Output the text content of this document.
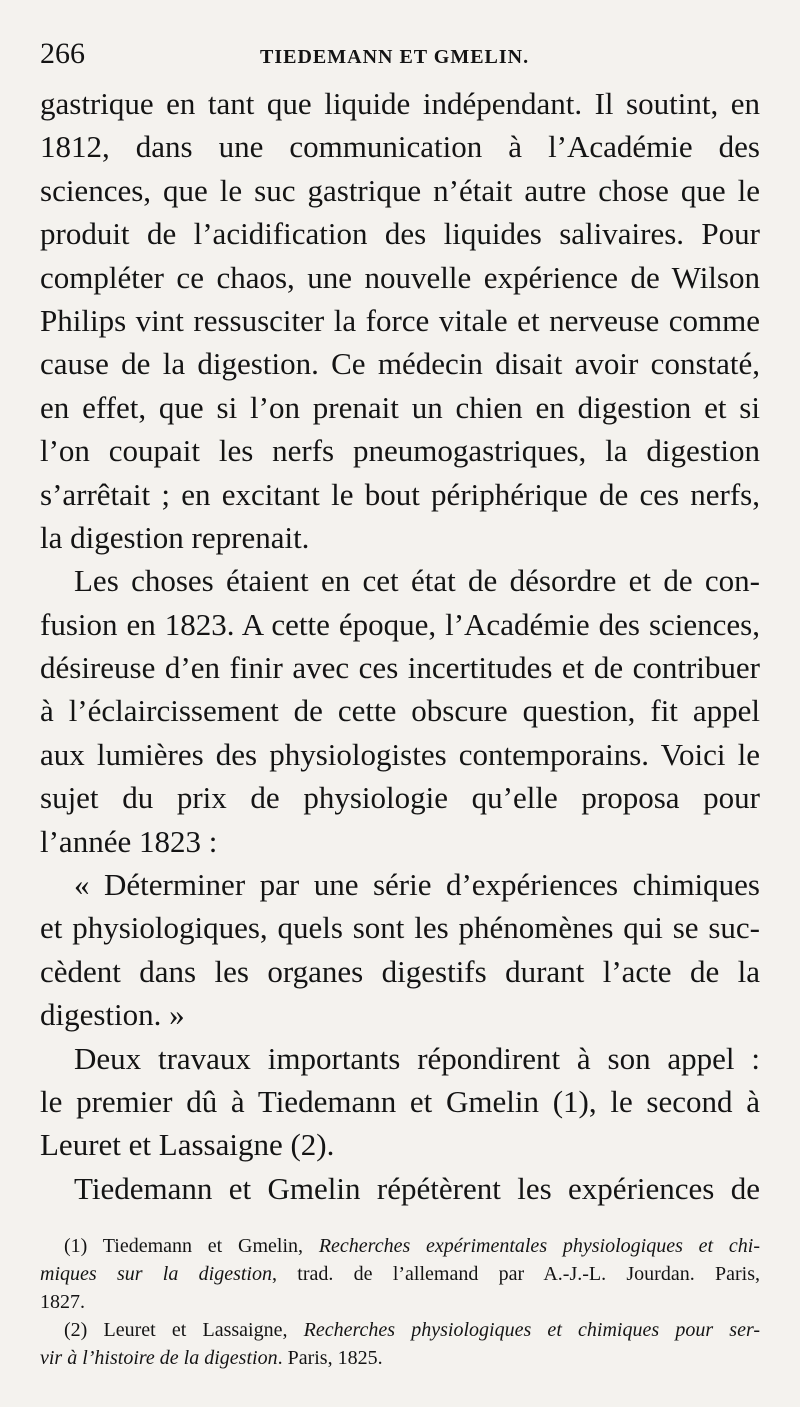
266	TIEDEMANN ET GMELIN.
gastrique en tant que liquide indépendant. Il soutint, en
1812, dans une communication à l’Académie des
sciences, que le suc gastrique n’était autre chose que le
produit de l’acidification des liquides salivaires. Pour
compléter ce chaos, une nouvelle expérience de Wilson
Philips vint ressusciter la force vitale et nerveuse comme
cause de la digestion. Ce médecin disait avoir constaté,
en effet, que si l’on prenait un chien en digestion et si
l’on coupait les nerfs pneumogastriques, la digestion
s’arrêtait ; en excitant le bout périphérique de ces nerfs,
la digestion reprenait.
Les choses étaient en cet état de désordre et de con-
fusion en 1823. A cette époque, l’Académie des sciences,
désireuse d’en finir avec ces incertitudes et de contribuer
à l’éclaircissement de cette obscure question, fit appel
aux lumières des physiologistes contemporains. Voici le
sujet du prix de physiologie qu’elle proposa pour
l’année 1823 :
« Déterminer par une série d’expériences chimiques
et physiologiques, quels sont les phénomènes qui se suc-
cèdent dans les organes digestifs durant l’acte de la
digestion. »
Deux travaux importants répondirent à son appel :
le premier dû à Tiedemann et Gmelin (1), le second à
Leuret et Lassaigne (2).
Tiedemann et Gmelin répétèrent les expériences de
(1) Tiedemann et Gmelin, Recherches expérimentales physiologiques et chi-
miques sur la digestion, trad. de l’allemand par A.-J.-L. Jourdan. Paris,
1827.
(2) Leuret et Lassaigne, Recherches physiologiques et chimiques pour ser-
vir à l’histoire de la digestion. Paris, 1825.
